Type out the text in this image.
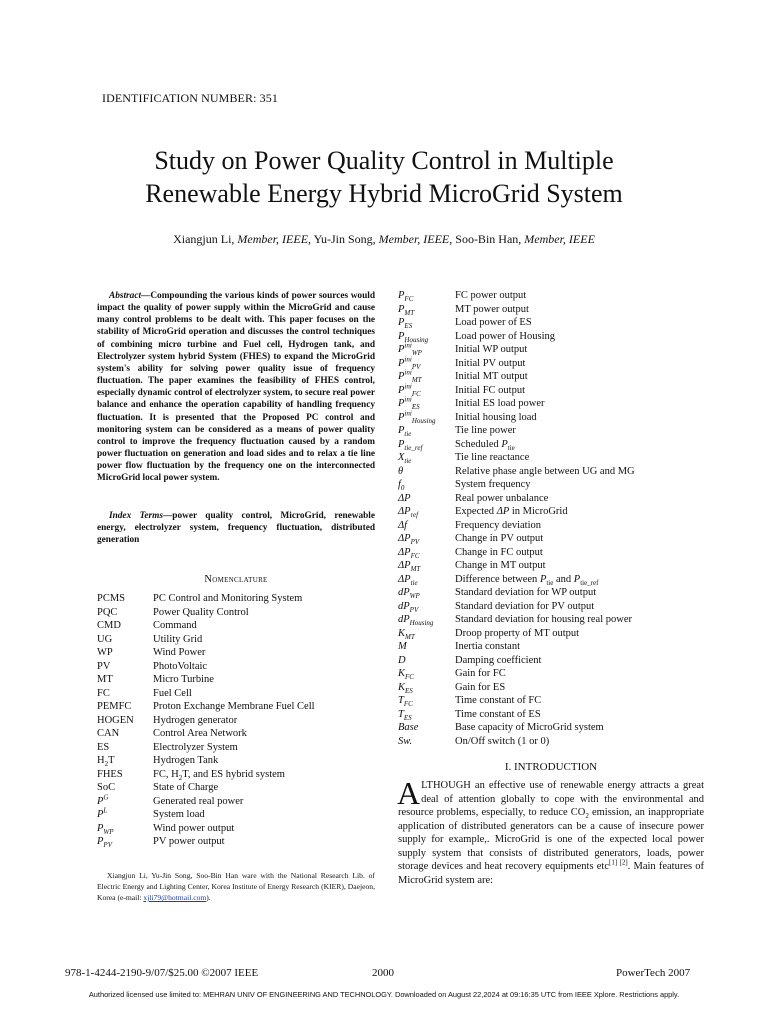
IDENTIFICATION NUMBER: 351
Study on Power Quality Control in Multiple
Renewable Energy Hybrid MicroGrid System
Xiangjun Li, Member, IEEE, Yu-Jin Song, Member, IEEE, Soo-Bin Han, Member, IEEE
Abstract—Compounding the various kinds of power sources would impact the quality of power supply within the MicroGrid and cause many control problems to be dealt with. This paper focuses on the stability of MicroGrid operation and discusses the control techniques of combining micro turbine and Fuel cell, Hydrogen tank, and Electrolyzer system hybrid System (FHES) to expand the MicroGrid system's ability for solving power quality issue of frequency fluctuation. The paper examines the feasibility of FHES control, especially dynamic control of electrolyzer system, to secure real power balance and enhance the operation capability of handling frequency fluctuation. It is presented that the Proposed PC control and monitoring system can be considered as a means of power quality control to improve the frequency fluctuation caused by a random power fluctuation on generation and load sides and to relax a tie line power flow fluctuation by the frequency one on the interconnected MicroGrid local power system.
Index Terms—power quality control, MicroGrid, renewable energy, electrolyzer system, frequency fluctuation, distributed generation
Nomenclature
PCMS	PC Control and Monitoring System
PQC	Power Quality Control
CMD	Command
UG	Utility Grid
WP	Wind Power
PV	PhotoVoltaic
MT	Micro Turbine
FC	Fuel Cell
PEMFC	Proton Exchange Membrane Fuel Cell
HOGEN	Hydrogen generator
CAN	Control Area Network
ES	Electrolyzer System
$H_2T$	Hydrogen Tank
FHES	FC, $H_2T$, and ES hybrid system
SoC	State of Charge
$P^G$	Generated real power
$P^L$	System load
$P_{WP}$	Wind power output
$P_{PV}$	PV power output
$P_{FC}$	FC power output
$P_{MT}$	MT power output
$P_{ES}$	Load power of ES
$P_{Housing}$	Load power of Housing
$P^{ini}_{WP}$	Initial WP output
$P^{ini}_{PV}$	Initial PV output
$P^{ini}_{MT}$	Initial MT output
$P^{ini}_{FC}$	Initial FC output
$P^{ini}_{ES}$	Initial ES load power
$P^{ini}_{Housing}$	Initial housing load
$P_{tie}$	Tie line power
$P_{tie\_ref}$	Scheduled $P_{tie}$
$X_{tie}$	Tie line reactance
θ	Relative phase angle between UG and MG
$f_0$	System frequency
ΔP	Real power unbalance
$\Delta P_{ref}$	Expected ΔP in MicroGrid
Δf	Frequency deviation
$\Delta P_{PV}$	Change in PV output
$\Delta P_{FC}$	Change in FC output
$\Delta P_{MT}$	Change in MT output
$\Delta P_{tie}$	Difference between $P_{tie}$ and $P_{tie\_ref}$
$dP_{WP}$	Standard deviation for WP output
$dP_{PV}$	Standard deviation for PV output
$dP_{Housing}$	Standard deviation for housing real power
$K_{MT}$	Droop property of MT output
M	Inertia constant
D	Damping coefficient
$K_{FC}$	Gain for FC
$K_{ES}$	Gain for ES
$T_{FC}$	Time constant of FC
$T_{ES}$	Time constant of ES
Base	Base capacity of MicroGrid system
Sw.	On/Off switch (1 or 0)
Xiangjun Li, Yu-Jin Song, Soo-Bin Han ware with the National Research Lib. of Electric Energy and Lighting Center, Korea Institute of Energy Research (KIER), Daejeon, Korea (e-mail: xjli79@hotmail.com).
I. INTRODUCTION
ALTHOUGH an effective use of renewable energy attracts a great deal of attention globally to cope with the environmental and resource problems, especially, to reduce $CO_2$ emission, an inappropriate application of distributed generators can be a cause of insecure power supply for example,. MicroGrid is one of the expected local power supply system that consists of distributed generators, loads, power storage devices and heat recovery equipments etc[1] [2]. Main features of MicroGrid system are:
978-1-4244-2190-9/07/$25.00 ©2007 IEEE	2000	PowerTech 2007
Authorized licensed use limited to: MEHRAN UNIV OF ENGINEERING AND TECHNOLOGY. Downloaded on August 22,2024 at 09:16:35 UTC from IEEE Xplore. Restrictions apply.
